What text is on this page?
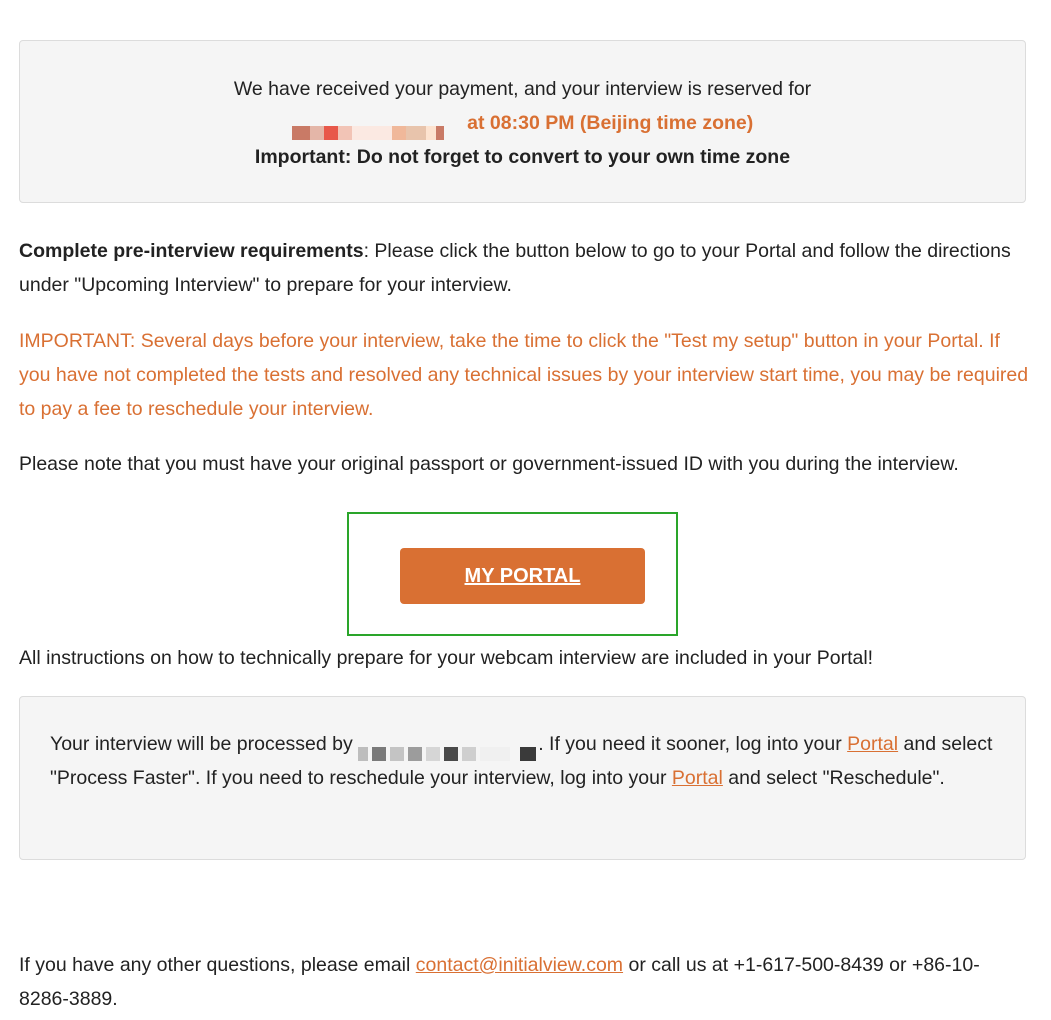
We have received your payment, and your interview is reserved for
at 08:30 PM (Beijing time zone)
Important: Do not forget to convert to your own time zone
Complete pre-interview requirements: Please click the button below to go to your Portal and follow the directions under "Upcoming Interview" to prepare for your interview.
IMPORTANT: Several days before your interview, take the time to click the "Test my setup" button in your Portal. If you have not completed the tests and resolved any technical issues by your interview start time, you may be required to pay a fee to reschedule your interview.
Please note that you must have your original passport or government-issued ID with you during the interview.
MY PORTAL
All instructions on how to technically prepare for your webcam interview are included in your Portal!
Your interview will be processed by	. If you need it sooner, log into your Portal and select "Process Faster". If you need to reschedule your interview, log into your Portal and select "Reschedule".
If you have any other questions, please email contact@initialview.com or call us at +1-617-500-8439 or +86-10-8286-3889.
